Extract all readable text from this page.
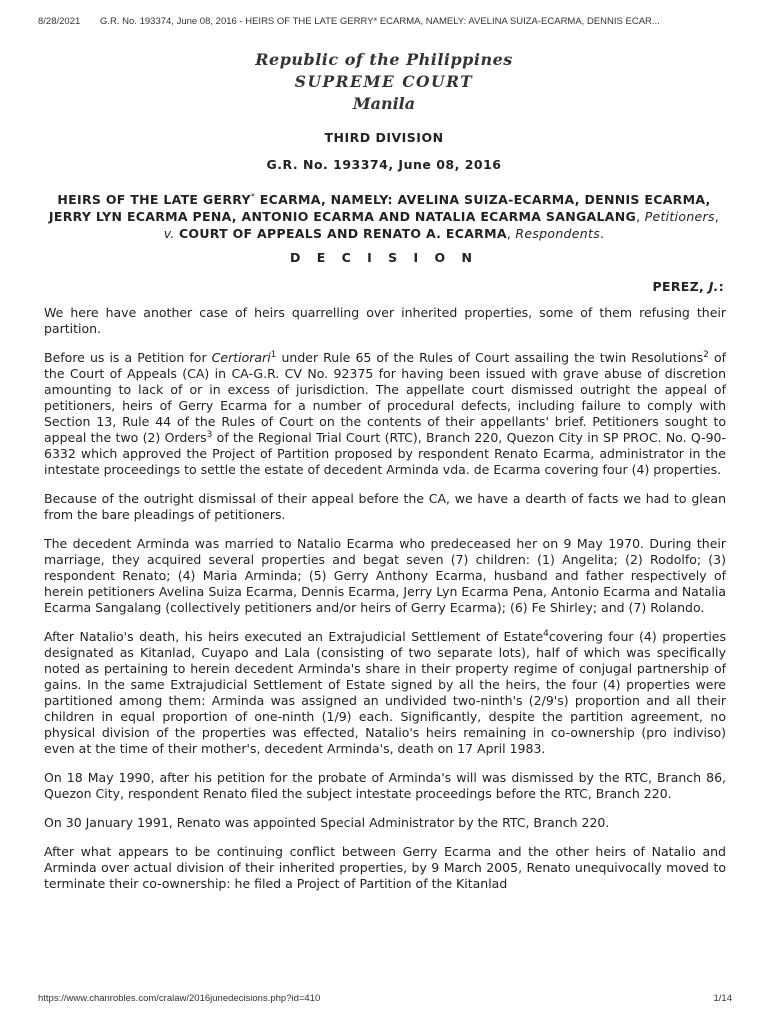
8/28/2021 G.R. No. 193374, June 08, 2016 - HEIRS OF THE LATE GERRY* ECARMA, NAMELY: AVELINA SUIZA-ECARMA, DENNIS ECAR...
Republic of the Philippines
SUPREME COURT
Manila
THIRD DIVISION
G.R. No. 193374, June 08, 2016
HEIRS OF THE LATE GERRY* ECARMA, NAMELY: AVELINA SUIZA-ECARMA, DENNIS ECARMA, JERRY LYN ECARMA PENA, ANTONIO ECARMA AND NATALIA ECARMA SANGALANG, Petitioners, v. COURT OF APPEALS AND RENATO A. ECARMA, Respondents.
D E C I S I O N
PEREZ, J.:

We here have another case of heirs quarrelling over inherited properties, some of them refusing their partition.

Before us is a Petition for Certiorari$^1$ under Rule 65 of the Rules of Court assailing the twin Resolutions$^2$ of the Court of Appeals (CA) in CA-G.R. CV No. 92375 for having been issued with grave abuse of discretion amounting to lack of or in excess of jurisdiction. The appellate court dismissed outright the appeal of petitioners, heirs of Gerry Ecarma for a number of procedural defects, including failure to comply with Section 13, Rule 44 of the Rules of Court on the contents of their appellants' brief. Petitioners sought to appeal the two (2) Orders$^3$ of the Regional Trial Court (RTC), Branch 220, Quezon City in SP PROC. No. Q-90-6332 which approved the Project of Partition proposed by respondent Renato Ecarma, administrator in the intestate proceedings to settle the estate of decedent Arminda vda. de Ecarma covering four (4) properties.

Because of the outright dismissal of their appeal before the CA, we have a dearth of facts we had to glean from the bare pleadings of petitioners.

The decedent Arminda was married to Natalio Ecarma who predeceased her on 9 May 1970. During their marriage, they acquired several properties and begat seven (7) children: (1) Angelita; (2) Rodolfo; (3) respondent Renato; (4) Maria Arminda; (5) Gerry Anthony Ecarma, husband and father respectively of herein petitioners Avelina Suiza Ecarma, Dennis Ecarma, Jerry Lyn Ecarma Pena, Antonio Ecarma and Natalia Ecarma Sangalang (collectively petitioners and/or heirs of Gerry Ecarma); (6) Fe Shirley; and (7) Rolando.

After Natalio's death, his heirs executed an Extrajudicial Settlement of Estate$^4$covering four (4) properties designated as Kitanlad, Cuyapo and Lala (consisting of two separate lots), half of which was specifically noted as pertaining to herein decedent Arminda's share in their property regime of conjugal partnership of gains. In the same Extrajudicial Settlement of Estate signed by all the heirs, the four (4) properties were partitioned among them: Arminda was assigned an undivided two-ninth's (2/9's) proportion and all their children in equal proportion of one-ninth (1/9) each. Significantly, despite the partition agreement, no physical division of the properties was effected, Natalio's heirs remaining in co-ownership (pro indiviso) even at the time of their mother's, decedent Arminda's, death on 17 April 1983.

On 18 May 1990, after his petition for the probate of Arminda's will was dismissed by the RTC, Branch 86, Quezon City, respondent Renato filed the subject intestate proceedings before the RTC, Branch 220.

On 30 January 1991, Renato was appointed Special Administrator by the RTC, Branch 220.

After what appears to be continuing conflict between Gerry Ecarma and the other heirs of Natalio and Arminda over actual division of their inherited properties, by 9 March 2005, Renato unequivocally moved to terminate their co-ownership: he filed a Project of Partition of the Kitanlad

https://www.chanrobles.com/cralaw/2016junedecisions.php?id=410	1/14
